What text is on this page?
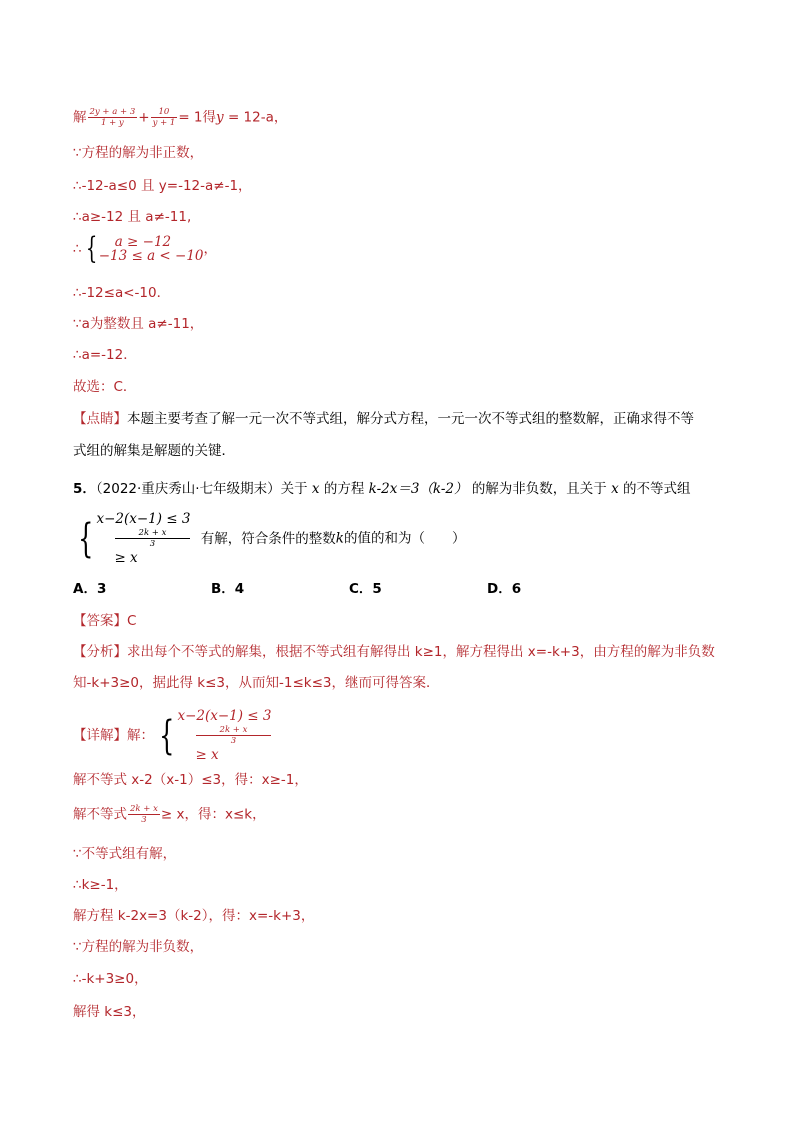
解 $\frac{2y + a + 3}{1 + y} + \frac{10}{y + 1} = 1$得y = 12-a，
∵方程的解为非正数，
∴-12-a≤0 且 y=-12-a≠-1，
∴a≥-12 且 a≠-11,
∴ {	a ≥ −12
−13 ≤ a < −10 ，
∴-12≤a<-10．
∵a为整数且 a≠-11，
∴a=-12．
故选：C．
【点睛】本题主要考查了解一元一次不等式组，解分式方程，一元一次不等式组的整数解，正确求得不等
式组的解集是解题的关键．
5．（2022·重庆秀山·七年级期末）关于 x 的方程 k-2x＝3（k-2） 的解为非负数，且关于 x 的不等式组
{ x−2(x−1) ≤ 3
2k + x
3
≥ x
有解，符合条件的整数k的值的和为（　　）
A．3	B．4	C．5	D．6
【答案】C
【分析】求出每个不等式的解集，根据不等式组有解得出 k≥1，解方程得出 x=-k+3，由方程的解为非负数
知-k+3≥0，据此得 k≤3，从而知-1≤k≤3，继而可得答案．
【详解】解： { x−2(x−1) ≤ 3
2k + x
3
≥ x
解不等式 x-2（x-1）≤3，得：x≥-1，
解不等式 $\frac{2k + x}{3} \ge x$，得：x≤k，
∵不等式组有解，
∴k≥-1，
解方程 k-2x=3（k-2），得：x=-k+3，
∵方程的解为非负数，
∴-k+3≥0，
解得 k≤3，
